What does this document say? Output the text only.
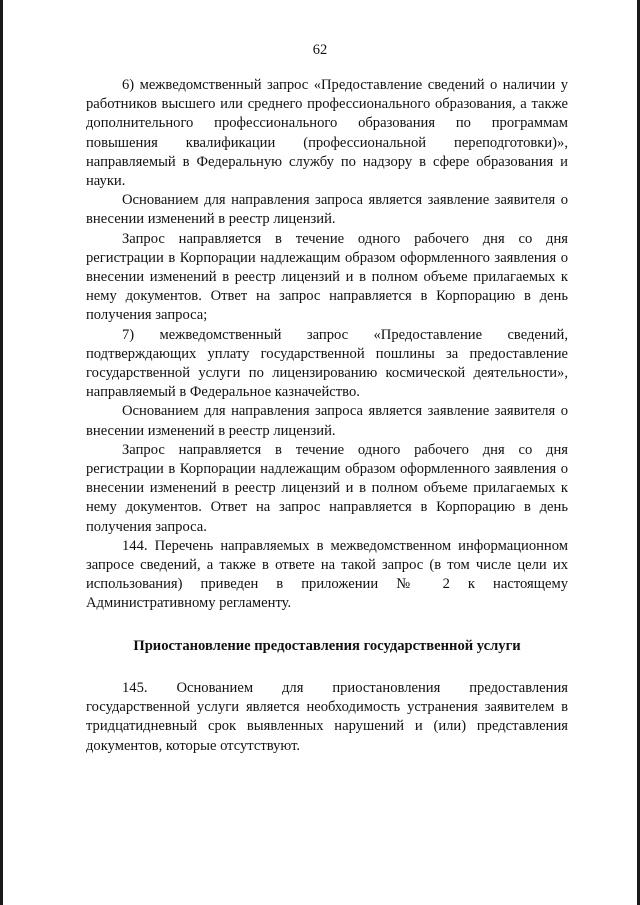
62

6) межведомственный запрос «Предоставление сведений о наличии у работников высшего или среднего профессионального образования, а также дополнительного профессионального образования по программам повышения квалификации (профессиональной переподготовки)», направляемый в Федеральную службу по надзору в сфере образования и науки.

Основанием для направления запроса является заявление заявителя о внесении изменений в реестр лицензий.

Запрос направляется в течение одного рабочего дня со дня регистрации в Корпорации надлежащим образом оформленного заявления о внесении изменений в реестр лицензий и в полном объеме прилагаемых к нему документов. Ответ на запрос направляется в Корпорацию в день получения запроса;

7) межведомственный запрос «Предоставление сведений, подтверждающих уплату государственной пошлины за предоставление государственной услуги по лицензированию космической деятельности», направляемый в Федеральное казначейство.

Основанием для направления запроса является заявление заявителя о внесении изменений в реестр лицензий.

Запрос направляется в течение одного рабочего дня со дня регистрации в Корпорации надлежащим образом оформленного заявления о внесении изменений в реестр лицензий и в полном объеме прилагаемых к нему документов. Ответ на запрос направляется в Корпорацию в день получения запроса.

144. Перечень направляемых в межведомственном информационном запросе сведений, а также в ответе на такой запрос (в том числе цели их использования) приведен в приложении № 2 к настоящему Административному регламенту.

Приостановление предоставления государственной услуги

145. Основанием для приостановления предоставления государственной услуги является необходимость устранения заявителем в тридцатидневный срок выявленных нарушений и (или) представления документов, которые отсутствуют.
